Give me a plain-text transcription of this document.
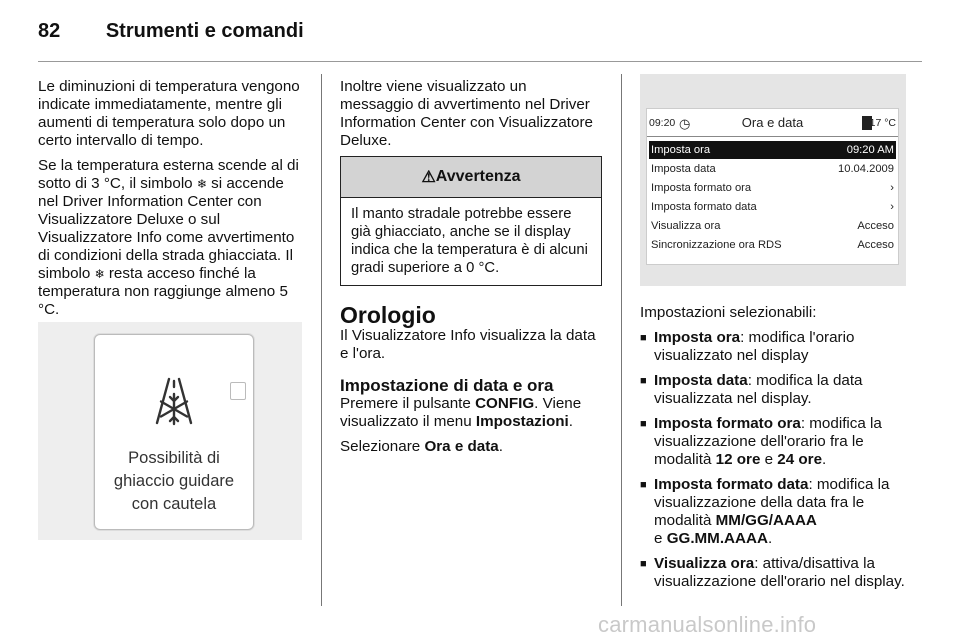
82 Strumenti e comandi

Le diminuzioni di temperatura vengono indicate immediatamente, mentre gli aumenti di temperatura solo dopo un certo intervallo di tempo.

Se la temperatura esterna scende al di sotto di 3 °C, il simbolo ❄ si accende nel Driver Information Center con Visualizzatore Deluxe o sul Visualizzatore Info come avvertimento di condizioni della strada ghiacciata. Il simbolo ❄ resta acceso finché la temperatura non raggiunge almeno 5 °C.

Possibilità di
ghiaccio guidare
con cautela

Inoltre viene visualizzato un messaggio di avvertimento nel Driver Information Center con Visualizzatore Deluxe.

⚠ Avvertenza
Il manto stradale potrebbe essere già ghiacciato, anche se il display indica che la temperatura è di alcuni gradi superiore a 0 °C.
Orologio

Il Visualizzatore Info visualizza la data e l'ora.

Impostazione di data e ora

Premere il pulsante CONFIG. Viene visualizzato il menu Impostazioni.

Selezionare Ora e data.

09:20 ◷	Ora e data	17 °C
Imposta ora	09:20 AM
Imposta data	10.04.2009
Imposta formato ora	›
Imposta formato data	›
Visualizza ora	Acceso
Sincronizzazione ora RDS	Acceso

Impostazioni selezionabili:

■ Imposta ora: modifica l'orario visualizzato nel display
■ Imposta data: modifica la data visualizzata nel display.
■ Imposta formato ora: modifica la visualizzazione dell'orario fra le modalità 12 ore e 24 ore.
■ Imposta formato data: modifica la visualizzazione della data fra le modalità MM/GG/AAAA
e GG.MM.AAAA.
■ Visualizza ora: attiva/disattiva la visualizzazione dell'orario nel display.
carmanualsonline.info
